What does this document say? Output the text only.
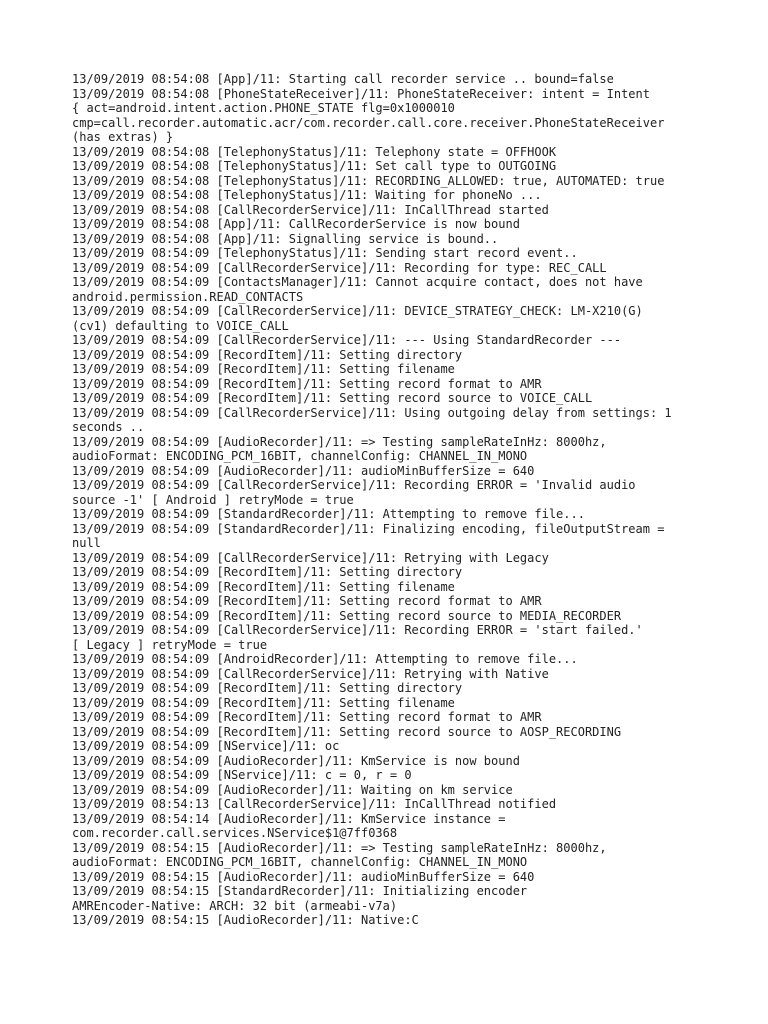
13/09/2019 08:54:08 [App]/11: Starting call recorder service .. bound=false
13/09/2019 08:54:08 [PhoneStateReceiver]/11: PhoneStateReceiver: intent = Intent
{ act=android.intent.action.PHONE_STATE flg=0x1000010
cmp=call.recorder.automatic.acr/com.recorder.call.core.receiver.PhoneStateReceiver
(has extras) }
13/09/2019 08:54:08 [TelephonyStatus]/11: Telephony state = OFFHOOK
13/09/2019 08:54:08 [TelephonyStatus]/11: Set call type to OUTGOING
13/09/2019 08:54:08 [TelephonyStatus]/11: RECORDING_ALLOWED: true, AUTOMATED: true
13/09/2019 08:54:08 [TelephonyStatus]/11: Waiting for phoneNo ...
13/09/2019 08:54:08 [CallRecorderService]/11: InCallThread started
13/09/2019 08:54:08 [App]/11: CallRecorderService is now bound
13/09/2019 08:54:08 [App]/11: Signalling service is bound..
13/09/2019 08:54:09 [TelephonyStatus]/11: Sending start record event..
13/09/2019 08:54:09 [CallRecorderService]/11: Recording for type: REC_CALL
13/09/2019 08:54:09 [ContactsManager]/11: Cannot acquire contact, does not have
android.permission.READ_CONTACTS
13/09/2019 08:54:09 [CallRecorderService]/11: DEVICE_STRATEGY_CHECK: LM-X210(G)
(cv1) defaulting to VOICE_CALL
13/09/2019 08:54:09 [CallRecorderService]/11: --- Using StandardRecorder ---
13/09/2019 08:54:09 [RecordItem]/11: Setting directory
13/09/2019 08:54:09 [RecordItem]/11: Setting filename
13/09/2019 08:54:09 [RecordItem]/11: Setting record format to AMR
13/09/2019 08:54:09 [RecordItem]/11: Setting record source to VOICE_CALL
13/09/2019 08:54:09 [CallRecorderService]/11: Using outgoing delay from settings: 1
seconds ..
13/09/2019 08:54:09 [AudioRecorder]/11: => Testing sampleRateInHz: 8000hz,
audioFormat: ENCODING_PCM_16BIT, channelConfig: CHANNEL_IN_MONO
13/09/2019 08:54:09 [AudioRecorder]/11: audioMinBufferSize = 640
13/09/2019 08:54:09 [CallRecorderService]/11: Recording ERROR = 'Invalid audio
source -1' [ Android ] retryMode = true
13/09/2019 08:54:09 [StandardRecorder]/11: Attempting to remove file...
13/09/2019 08:54:09 [StandardRecorder]/11: Finalizing encoding, fileOutputStream =
null
13/09/2019 08:54:09 [CallRecorderService]/11: Retrying with Legacy
13/09/2019 08:54:09 [RecordItem]/11: Setting directory
13/09/2019 08:54:09 [RecordItem]/11: Setting filename
13/09/2019 08:54:09 [RecordItem]/11: Setting record format to AMR
13/09/2019 08:54:09 [RecordItem]/11: Setting record source to MEDIA_RECORDER
13/09/2019 08:54:09 [CallRecorderService]/11: Recording ERROR = 'start failed.'
[ Legacy ] retryMode = true
13/09/2019 08:54:09 [AndroidRecorder]/11: Attempting to remove file...
13/09/2019 08:54:09 [CallRecorderService]/11: Retrying with Native
13/09/2019 08:54:09 [RecordItem]/11: Setting directory
13/09/2019 08:54:09 [RecordItem]/11: Setting filename
13/09/2019 08:54:09 [RecordItem]/11: Setting record format to AMR
13/09/2019 08:54:09 [RecordItem]/11: Setting record source to AOSP_RECORDING
13/09/2019 08:54:09 [NService]/11: oc
13/09/2019 08:54:09 [AudioRecorder]/11: KmService is now bound
13/09/2019 08:54:09 [NService]/11: c = 0, r = 0
13/09/2019 08:54:09 [AudioRecorder]/11: Waiting on km service
13/09/2019 08:54:13 [CallRecorderService]/11: InCallThread notified
13/09/2019 08:54:14 [AudioRecorder]/11: KmService instance =
com.recorder.call.services.NService$1@7ff0368
13/09/2019 08:54:15 [AudioRecorder]/11: => Testing sampleRateInHz: 8000hz,
audioFormat: ENCODING_PCM_16BIT, channelConfig: CHANNEL_IN_MONO
13/09/2019 08:54:15 [AudioRecorder]/11: audioMinBufferSize = 640
13/09/2019 08:54:15 [StandardRecorder]/11: Initializing encoder
AMREncoder-Native: ARCH: 32 bit (armeabi-v7a)
13/09/2019 08:54:15 [AudioRecorder]/11: Native:C
